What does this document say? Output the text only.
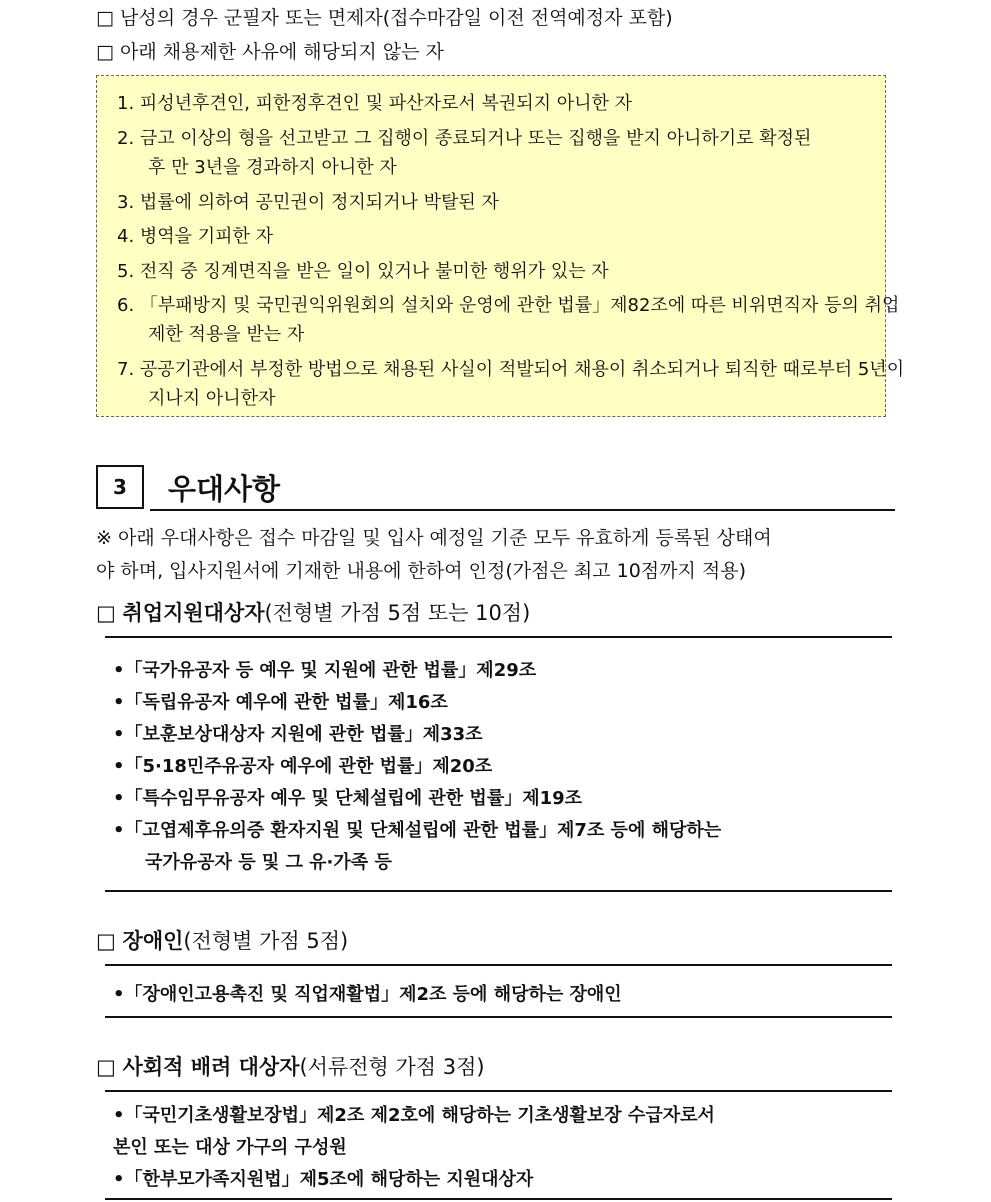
□ 남성의 경우 군필자 또는 면제자(접수마감일 이전 전역예정자 포함)
□ 아래 채용제한 사유에 해당되지 않는 자
1. 피성년후견인, 피한정후견인 및 파산자로서 복권되지 아니한 자
2. 금고 이상의 형을 선고받고 그 집행이 종료되거나 또는 집행을 받지 아니하기로 확정된
후 만 3년을 경과하지 아니한 자
3. 법률에 의하여 공민권이 정지되거나 박탈된 자
4. 병역을 기피한 자
5. 전직 중 징계면직을 받은 일이 있거나 불미한 행위가 있는 자
6. 「부패방지 및 국민권익위원회의 설치와 운영에 관한 법률」제82조에 따른 비위면직자 등의 취업
제한 적용을 받는 자
7. 공공기관에서 부정한 방법으로 채용된 사실이 적발되어 채용이 취소되거나 퇴직한 때로부터 5년이
지나지 아니한자
3	우대사항
※ 아래 우대사항은 접수 마감일 및 입사 예정일 기준 모두 유효하게 등록된 상태여
야 하며, 입사지원서에 기재한 내용에 한하여 인정(가점은 최고 10점까지 적용)
□ 취업지원대상자(전형별 가점 5점 또는 10점)
•「국가유공자 등 예우 및 지원에 관한 법률」제29조
•「독립유공자 예우에 관한 법률」제16조
•「보훈보상대상자 지원에 관한 법률」제33조
•「5·18민주유공자 예우에 관한 법률」제20조
•「특수임무유공자 예우 및 단체설립에 관한 법률」제19조
•「고엽제후유의증 환자지원 및 단체설립에 관한 법률」제7조 등에 해당하는
국가유공자 등 및 그 유·가족 등
□ 장애인(전형별 가점 5점)
•「장애인고용촉진 및 직업재활법」제2조 등에 해당하는 장애인
□ 사회적 배려 대상자(서류전형 가점 3점)
•「국민기초생활보장법」제2조 제2호에 해당하는 기초생활보장 수급자로서
본인 또는 대상 가구의 구성원
•「한부모가족지원법」제5조에 해당하는 지원대상자
